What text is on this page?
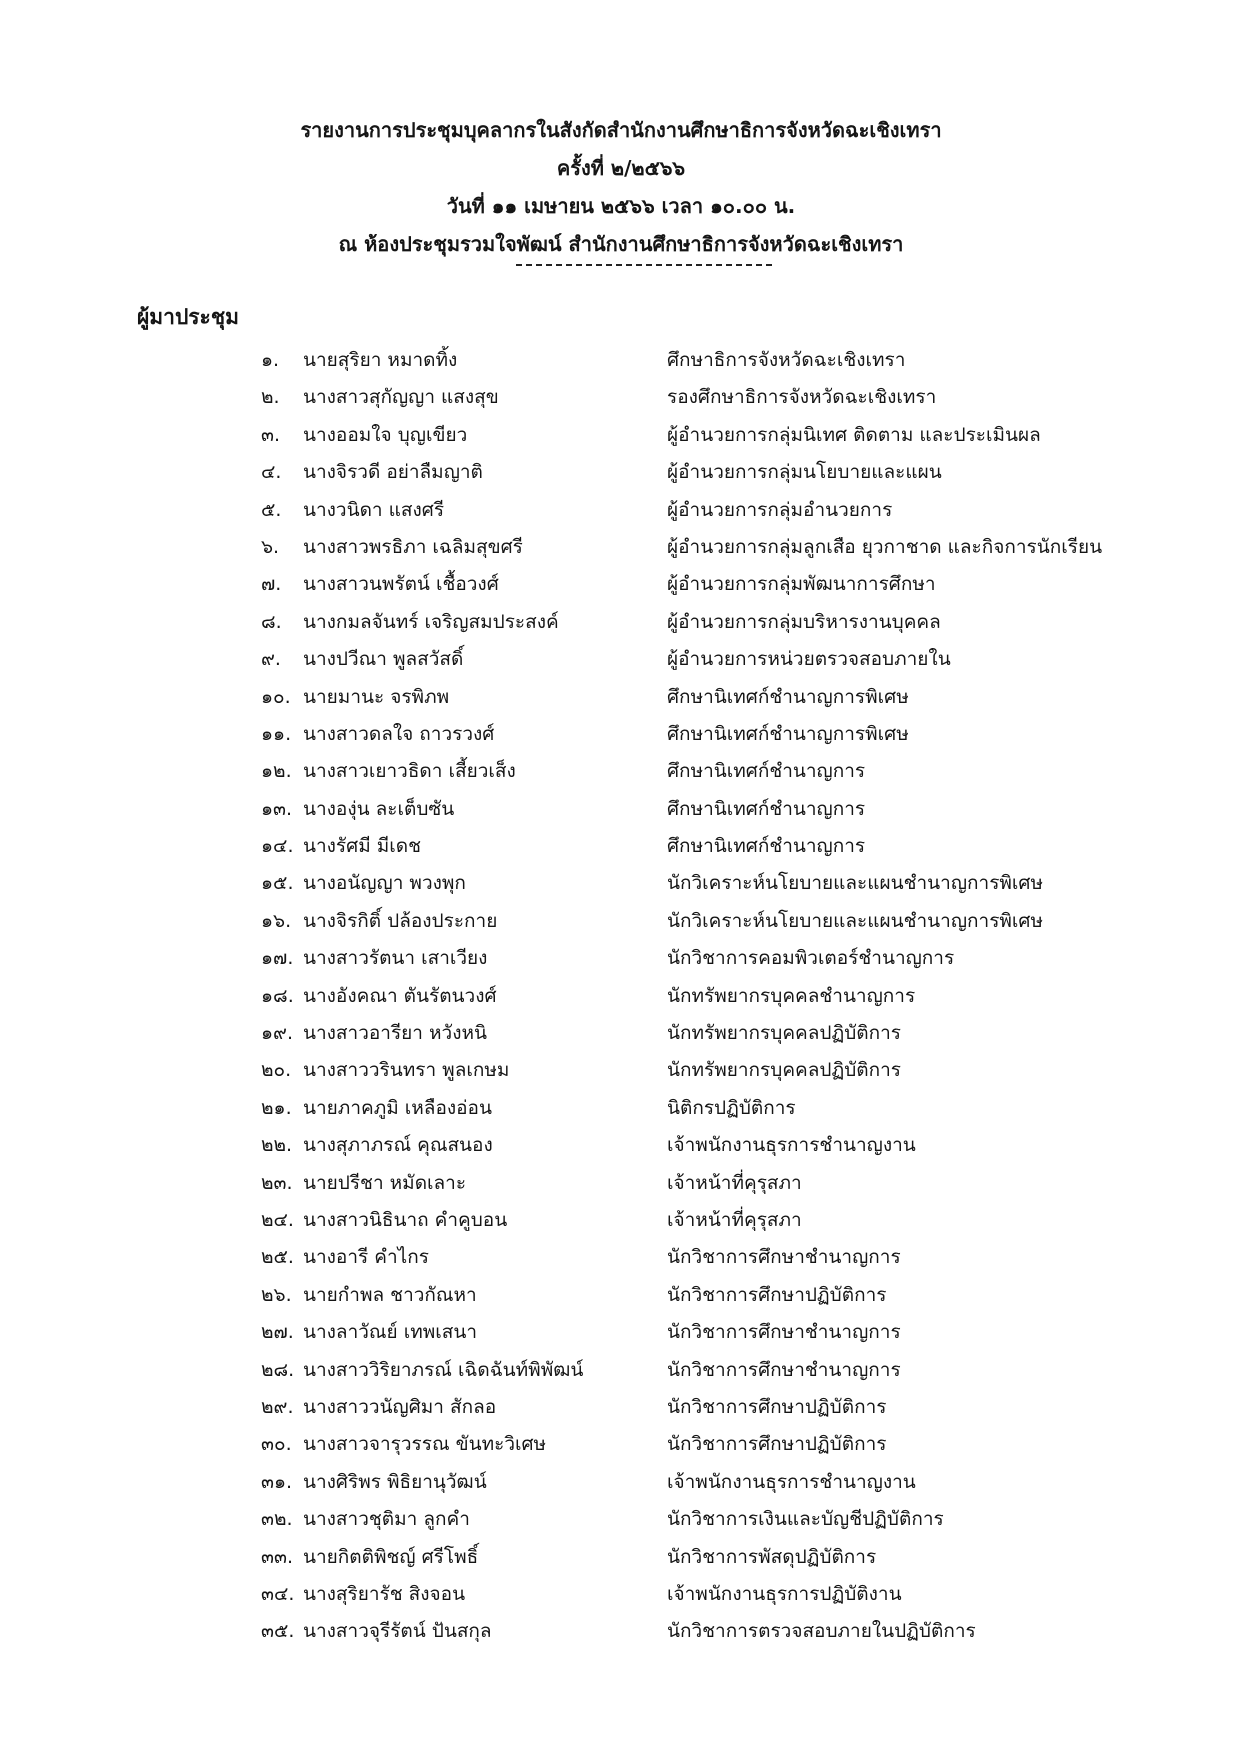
รายงานการประชุมบุคลากรในสังกัดสำนักงานศึกษาธิการจังหวัดฉะเชิงเทรา
ครั้งที่ ๒/๒๕๖๖
วันที่ ๑๑ เมษายน ๒๕๖๖ เวลา ๑๐.๐๐ น.
ณ ห้องประชุมรวมใจพัฒน์ สำนักงานศึกษาธิการจังหวัดฉะเชิงเทรา
ผู้มาประชุม
๑.	นายสุริยา หมาดทิ้ง	ศึกษาธิการจังหวัดฉะเชิงเทรา
๒.	นางสาวสุกัญญา แสงสุข	รองศึกษาธิการจังหวัดฉะเชิงเทรา
๓.	นางออมใจ บุญเขียว	ผู้อำนวยการกลุ่มนิเทศ ติดตาม และประเมินผล
๔.	นางจิรวดี อย่าลืมญาติ	ผู้อำนวยการกลุ่มนโยบายและแผน
๕.	นางวนิดา แสงศรี	ผู้อำนวยการกลุ่มอำนวยการ
๖.	นางสาวพรธิภา เฉลิมสุขศรี	ผู้อำนวยการกลุ่มลูกเสือ ยุวกาชาด และกิจการนักเรียน
๗.	นางสาวนพรัตน์ เชื้อวงศ์	ผู้อำนวยการกลุ่มพัฒนาการศึกษา
๘.	นางกมลจันทร์ เจริญสมประสงค์	ผู้อำนวยการกลุ่มบริหารงานบุคคล
๙.	นางปวีณา พูลสวัสดิ์	ผู้อำนวยการหน่วยตรวจสอบภายใน
๑๐. นายมานะ จรพิภพ	ศึกษานิเทศก์ชำนาญการพิเศษ
๑๑. นางสาวดลใจ ถาวรวงศ์	ศึกษานิเทศก์ชำนาญการพิเศษ
๑๒. นางสาวเยาวธิดา เสี้ยวเส็ง	ศึกษานิเทศก์ชำนาญการ
๑๓. นางองุ่น ละเต็บซัน	ศึกษานิเทศก์ชำนาญการ
๑๔. นางรัศมี มีเดช	ศึกษานิเทศก์ชำนาญการ
๑๕. นางอนัญญา พวงพุก	นักวิเคราะห์นโยบายและแผนชำนาญการพิเศษ
๑๖. นางจิรกิติ์ ปล้องประกาย	นักวิเคราะห์นโยบายและแผนชำนาญการพิเศษ
๑๗. นางสาวรัตนา เสาเวียง	นักวิชาการคอมพิวเตอร์ชำนาญการ
๑๘. นางอังคณา ตันรัตนวงศ์	นักทรัพยากรบุคคลชำนาญการ
๑๙. นางสาวอารียา หวังหนิ	นักทรัพยากรบุคคลปฏิบัติการ
๒๐. นางสาววรินทรา พูลเกษม	นักทรัพยากรบุคคลปฏิบัติการ
๒๑. นายภาคภูมิ เหลืองอ่อน	นิติกรปฏิบัติการ
๒๒. นางสุภาภรณ์ คุณสนอง	เจ้าพนักงานธุรการชำนาญงาน
๒๓. นายปรีชา หมัดเลาะ	เจ้าหน้าที่คุรุสภา
๒๔. นางสาวนิธินาถ คำคูบอน	เจ้าหน้าที่คุรุสภา
๒๕. นางอารี คำไกร	นักวิชาการศึกษาชำนาญการ
๒๖. นายกำพล ชาวกัณหา	นักวิชาการศึกษาปฏิบัติการ
๒๗. นางลาวัณย์ เทพเสนา	นักวิชาการศึกษาชำนาญการ
๒๘. นางสาววิริยาภรณ์ เฉิดฉันท์พิพัฒน์	นักวิชาการศึกษาชำนาญการ
๒๙. นางสาววนัญศิมา สักลอ	นักวิชาการศึกษาปฏิบัติการ
๓๐. นางสาวจารุวรรณ ขันทะวิเศษ	นักวิชาการศึกษาปฏิบัติการ
๓๑. นางศิริพร พิธิยานุวัฒน์	เจ้าพนักงานธุรการชำนาญงาน
๓๒. นางสาวชุติมา ลูกคำ	นักวิชาการเงินและบัญชีปฏิบัติการ
๓๓. นายกิตติพิชญ์ ศรีโพธิ์	นักวิชาการพัสดุปฏิบัติการ
๓๔. นางสุริยารัช สิงจอน	เจ้าพนักงานธุรการปฏิบัติงาน
๓๕. นางสาวจุรีรัตน์ ปันสกุล	นักวิชาการตรวจสอบภายในปฏิบัติการ
